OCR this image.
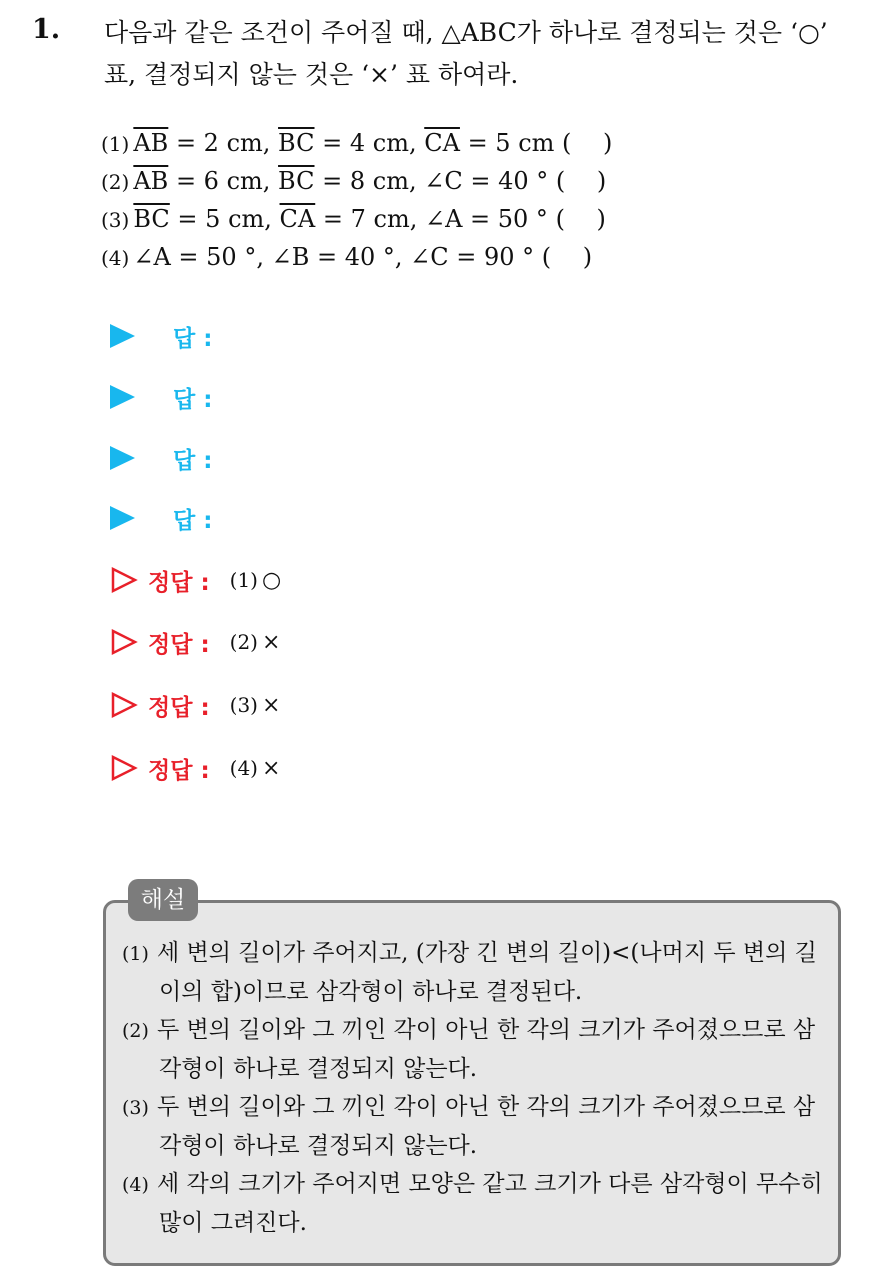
1. 다음과 같은 조건이 주어질 때, △ABC가 하나로 결정되는 것은 ‘○’ 표, 결정되지 않는 것은 ‘×’ 표 하여라.
(1) $\overline{AB} = 2$ cm, $\overline{BC} = 4$ cm, $\overline{CA} = 5$ cm (　 )
(2) $\overline{AB} = 6$ cm, $\overline{BC} = 8$ cm, ∠C = 40 ° (　 )
(3) $\overline{BC} = 5$ cm, $\overline{CA} = 7$ cm, ∠A = 50 ° (　 )
(4) ∠A = 50 °, ∠B = 40 °, ∠C = 90 ° (　 )
답 :
답 :
답 :
답 :
정답 : (1) ○
정답 : (2) ×
정답 : (3) ×
정답 : (4) ×
해설
(1) 세 변의 길이가 주어지고, (가장 긴 변의 길이)<(나머지 두 변의 길이의 합)이므로 삼각형이 하나로 결정된다.
(2) 두 변의 길이와 그 끼인 각이 아닌 한 각의 크기가 주어졌으므로 삼각형이 하나로 결정되지 않는다.
(3) 두 변의 길이와 그 끼인 각이 아닌 한 각의 크기가 주어졌으므로 삼각형이 하나로 결정되지 않는다.
(4) 세 각의 크기가 주어지면 모양은 같고 크기가 다른 삼각형이 무수히 많이 그려진다.
